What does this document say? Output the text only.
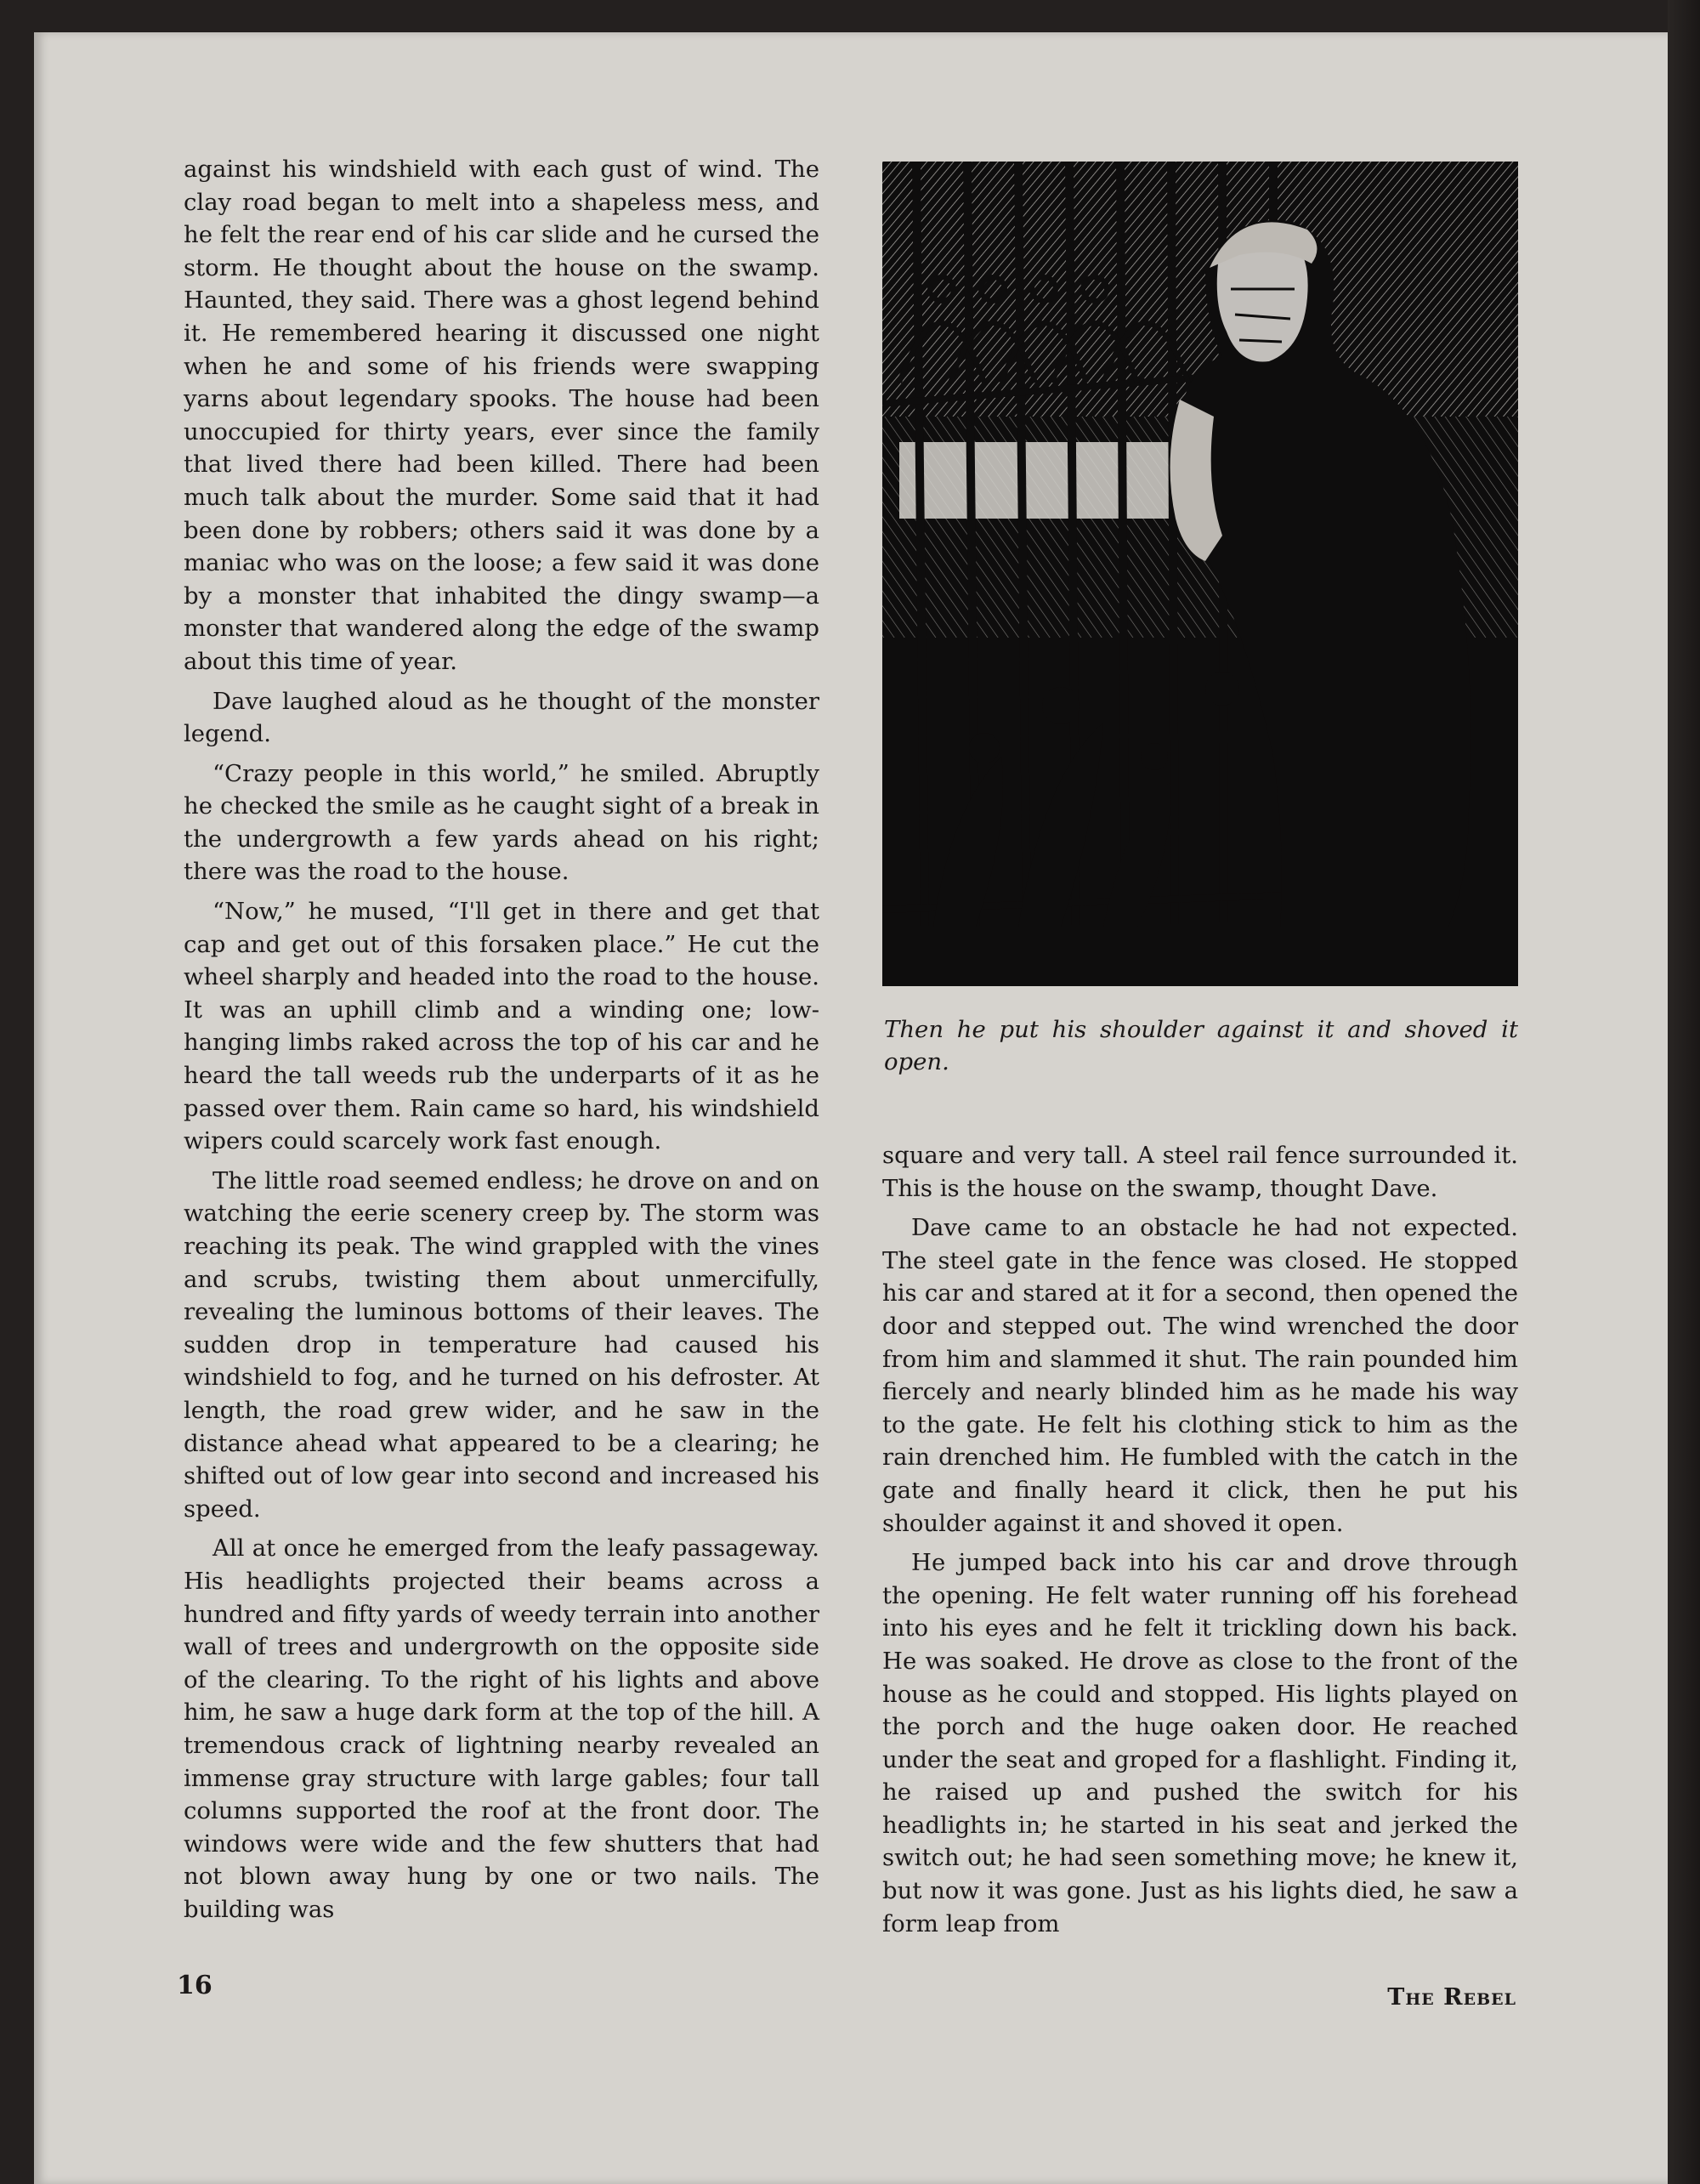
against his windshield with each gust of wind. The clay road began to melt into a shapeless mess, and he felt the rear end of his car slide and he cursed the storm. He thought about the house on the swamp. Haunted, they said. There was a ghost legend behind it. He remembered hearing it discussed one night when he and some of his friends were swapping yarns about legendary spooks. The house had been unoccupied for thirty years, ever since the family that lived there had been killed. There had been much talk about the murder. Some said that it had been done by robbers; others said it was done by a maniac who was on the loose; a few said it was done by a monster that inhabited the dingy swamp—a monster that wandered along the edge of the swamp about this time of year.

Dave laughed aloud as he thought of the monster legend.

“Crazy people in this world,” he smiled. Abruptly he checked the smile as he caught sight of a break in the undergrowth a few yards ahead on his right; there was the road to the house.

“Now,” he mused, “I'll get in there and get that cap and get out of this forsaken place.” He cut the wheel sharply and headed into the road to the house. It was an uphill climb and a winding one; low-hanging limbs raked across the top of his car and he heard the tall weeds rub the underparts of it as he passed over them. Rain came so hard, his windshield wipers could scarcely work fast enough.

The little road seemed endless; he drove on and on watching the eerie scenery creep by. The storm was reaching its peak. The wind grappled with the vines and scrubs, twisting them about unmercifully, revealing the luminous bottoms of their leaves. The sudden drop in temperature had caused his windshield to fog, and he turned on his defroster. At length, the road grew wider, and he saw in the distance ahead what appeared to be a clearing; he shifted out of low gear into second and increased his speed.

All at once he emerged from the leafy passageway. His headlights projected their beams across a hundred and fifty yards of weedy terrain into another wall of trees and undergrowth on the opposite side of the clearing. To the right of his lights and above him, he saw a huge dark form at the top of the hill. A tremendous crack of lightning nearby revealed an immense gray structure with large gables; four tall columns supported the roof at the front door. The windows were wide and the few shutters that had not blown away hung by one or two nails. The building was

Then he put his shoulder against it and shoved it open.

square and very tall. A steel rail fence surrounded it. This is the house on the swamp, thought Dave.

Dave came to an obstacle he had not expected. The steel gate in the fence was closed. He stopped his car and stared at it for a second, then opened the door and stepped out. The wind wrenched the door from him and slammed it shut. The rain pounded him fiercely and nearly blinded him as he made his way to the gate. He felt his clothing stick to him as the rain drenched him. He fumbled with the catch in the gate and finally heard it click, then he put his shoulder against it and shoved it open.

He jumped back into his car and drove through the opening. He felt water running off his forehead into his eyes and he felt it trickling down his back. He was soaked. He drove as close to the front of the house as he could and stopped. His lights played on the porch and the huge oaken door. He reached under the seat and groped for a flashlight. Finding it, he raised up and pushed the switch for his headlights in; he started in his seat and jerked the switch out; he had seen something move; he knew it, but now it was gone. Just as his lights died, he saw a form leap from

16	The Rebel
